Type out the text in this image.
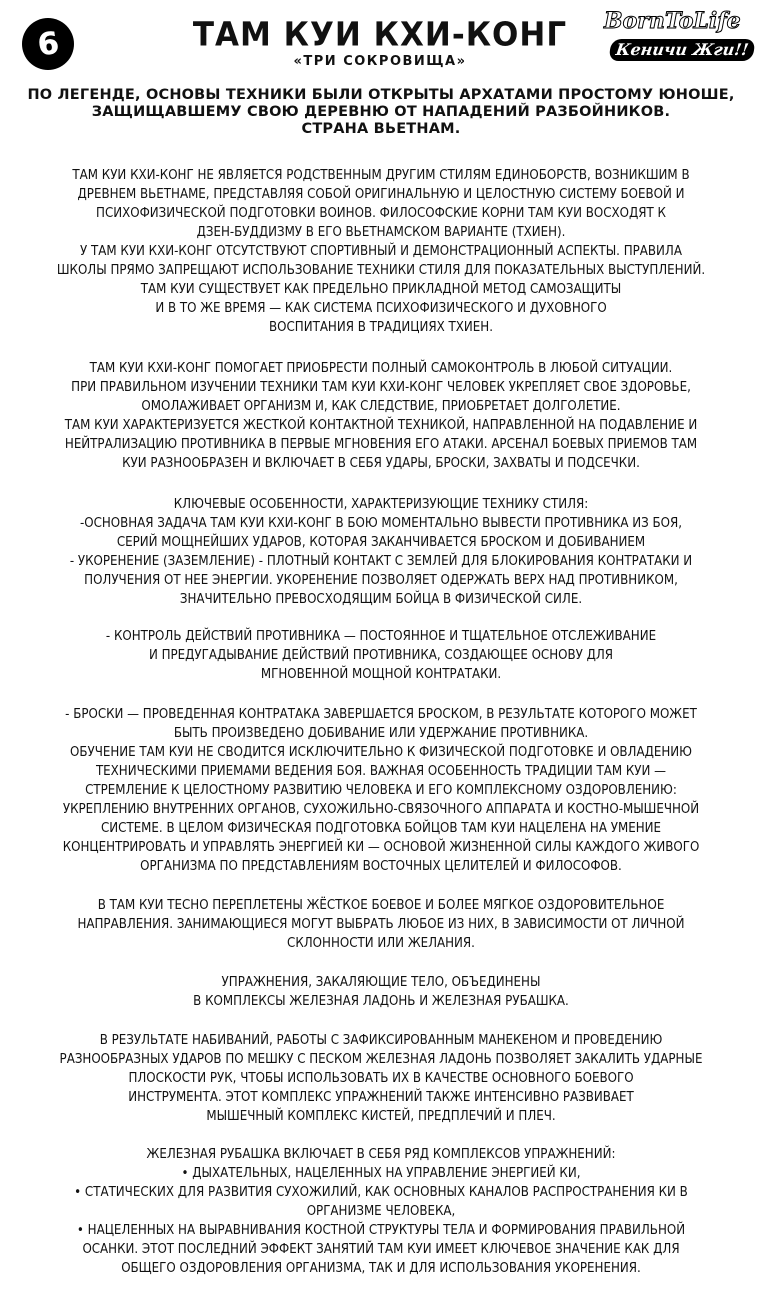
6	ТАМ КУИ КХИ-КОНГ
«ТРИ СОКРОВИЩА»
BornToLife
Кеничи Жги!!
ПО ЛЕГЕНДЕ, ОСНОВЫ ТЕХНИКИ БЫЛИ ОТКРЫТЫ АРХАТАМИ ПРОСТОМУ ЮНОШЕ,
ЗАЩИЩАВШЕМУ СВОЮ ДЕРЕВНЮ ОТ НАПАДЕНИЙ РАЗБОЙНИКОВ.
СТРАНА ВЬЕТНАМ.
ТАМ КУИ КХИ-КОНГ НЕ ЯВЛЯЕТСЯ РОДСТВЕННЫМ ДРУГИМ СТИЛЯМ ЕДИНОБОРСТВ, ВОЗНИКШИМ В
ДРЕВНЕМ ВЬЕТНАМЕ, ПРЕДСТАВЛЯЯ СОБОЙ ОРИГИНАЛЬНУЮ И ЦЕЛОСТНУЮ СИСТЕМУ БОЕВОЙ И
ПСИХОФИЗИЧЕСКОЙ ПОДГОТОВКИ ВОИНОВ. ФИЛОСОФСКИЕ КОРНИ ТАМ КУИ ВОСХОДЯТ К
ДЗЕН-БУДДИЗМУ В ЕГО ВЬЕТНАМСКОМ ВАРИАНТЕ (ТХИЕН).
У ТАМ КУИ КХИ-КОНГ ОТСУТСТВУЮТ СПОРТИВНЫЙ И ДЕМОНСТРАЦИОННЫЙ АСПЕКТЫ. ПРАВИЛА
ШКОЛЫ ПРЯМО ЗАПРЕЩАЮТ ИСПОЛЬЗОВАНИЕ ТЕХНИКИ СТИЛЯ ДЛЯ ПОКАЗАТЕЛЬНЫХ ВЫСТУПЛЕНИЙ.
ТАМ КУИ СУЩЕСТВУЕТ КАК ПРЕДЕЛЬНО ПРИКЛАДНОЙ МЕТОД САМОЗАЩИТЫ
И В ТО ЖЕ ВРЕМЯ — КАК СИСТЕМА ПСИХОФИЗИЧЕСКОГО И ДУХОВНОГО
ВОСПИТАНИЯ В ТРАДИЦИЯХ ТХИЕН.
ТАМ КУИ КХИ-КОНГ ПОМОГАЕТ ПРИОБРЕСТИ ПОЛНЫЙ САМОКОНТРОЛЬ В ЛЮБОЙ СИТУАЦИИ.
ПРИ ПРАВИЛЬНОМ ИЗУЧЕНИИ ТЕХНИКИ ТАМ КУИ КХИ-КОНГ ЧЕЛОВЕК УКРЕПЛЯЕТ СВОЕ ЗДОРОВЬЕ,
ОМОЛАЖИВАЕТ ОРГАНИЗМ И, КАК СЛЕДСТВИЕ, ПРИОБРЕТАЕТ ДОЛГОЛЕТИЕ.
ТАМ КУИ ХАРАКТЕРИЗУЕТСЯ ЖЕСТКОЙ КОНТАКТНОЙ ТЕХНИКОЙ, НАПРАВЛЕННОЙ НА ПОДАВЛЕНИЕ И
НЕЙТРАЛИЗАЦИЮ ПРОТИВНИКА В ПЕРВЫЕ МГНОВЕНИЯ ЕГО АТАКИ. АРСЕНАЛ БОЕВЫХ ПРИЕМОВ ТАМ
КУИ РАЗНООБРАЗЕН И ВКЛЮЧАЕТ В СЕБЯ УДАРЫ, БРОСКИ, ЗАХВАТЫ И ПОДСЕЧКИ.
КЛЮЧЕВЫЕ ОСОБЕННОСТИ, ХАРАКТЕРИЗУЮЩИЕ ТЕХНИКУ СТИЛЯ:
-ОСНОВНАЯ ЗАДАЧА ТАМ КУИ КХИ-КОНГ В БОЮ МОМЕНТАЛЬНО ВЫВЕСТИ ПРОТИВНИКА ИЗ БОЯ,
СЕРИЙ МОЩНЕЙШИХ УДАРОВ, КОТОРАЯ ЗАКАНЧИВАЕТСЯ БРОСКОМ И ДОБИВАНИЕМ
- УКОРЕНЕНИЕ (ЗАЗЕМЛЕНИЕ) - ПЛОТНЫЙ КОНТАКТ С ЗЕМЛЕЙ ДЛЯ БЛОКИРОВАНИЯ КОНТРАТАКИ И
ПОЛУЧЕНИЯ ОТ НЕЕ ЭНЕРГИИ. УКОРЕНЕНИЕ ПОЗВОЛЯЕТ ОДЕРЖАТЬ ВЕРХ НАД ПРОТИВНИКОМ,
ЗНАЧИТЕЛЬНО ПРЕВОСХОДЯЩИМ БОЙЦА В ФИЗИЧЕСКОЙ СИЛЕ.
- КОНТРОЛЬ ДЕЙСТВИЙ ПРОТИВНИКА — ПОСТОЯННОЕ И ТЩАТЕЛЬНОЕ ОТСЛЕЖИВАНИЕ
И ПРЕДУГАДЫВАНИЕ ДЕЙСТВИЙ ПРОТИВНИКА, СОЗДАЮЩЕЕ ОСНОВУ ДЛЯ
МГНОВЕННОЙ МОЩНОЙ КОНТРАТАКИ.
- БРОСКИ — ПРОВЕДЕННАЯ КОНТРАТАКА ЗАВЕРШАЕТСЯ БРОСКОМ, В РЕЗУЛЬТАТЕ КОТОРОГО МОЖЕТ
БЫТЬ ПРОИЗВЕДЕНО ДОБИВАНИЕ ИЛИ УДЕРЖАНИЕ ПРОТИВНИКА.
ОБУЧЕНИЕ ТАМ КУИ НЕ СВОДИТСЯ ИСКЛЮЧИТЕЛЬНО К ФИЗИЧЕСКОЙ ПОДГОТОВКЕ И ОВЛАДЕНИЮ
ТЕХНИЧЕСКИМИ ПРИЕМАМИ ВЕДЕНИЯ БОЯ. ВАЖНАЯ ОСОБЕННОСТЬ ТРАДИЦИИ ТАМ КУИ —
СТРЕМЛЕНИЕ К ЦЕЛОСТНОМУ РАЗВИТИЮ ЧЕЛОВЕКА И ЕГО КОМПЛЕКСНОМУ ОЗДОРОВЛЕНИЮ:
УКРЕПЛЕНИЮ ВНУТРЕННИХ ОРГАНОВ, СУХОЖИЛЬНО-СВЯЗОЧНОГО АППАРАТА И КОСТНО-МЫШЕЧНОЙ
СИСТЕМЕ. В ЦЕЛОМ ФИЗИЧЕСКАЯ ПОДГОТОВКА БОЙЦОВ ТАМ КУИ НАЦЕЛЕНА НА УМЕНИЕ
КОНЦЕНТРИРОВАТЬ И УПРАВЛЯТЬ ЭНЕРГИЕЙ КИ — ОСНОВОЙ ЖИЗНЕННОЙ СИЛЫ КАЖДОГО ЖИВОГО
ОРГАНИЗМА ПО ПРЕДСТАВЛЕНИЯМ ВОСТОЧНЫХ ЦЕЛИТЕЛЕЙ И ФИЛОСОФОВ.
В ТАМ КУИ ТЕСНО ПЕРЕПЛЕТЕНЫ ЖЁСТКОЕ БОЕВОЕ И БОЛЕЕ МЯГКОЕ ОЗДОРОВИТЕЛЬНОЕ
НАПРАВЛЕНИЯ. ЗАНИМАЮЩИЕСЯ МОГУТ ВЫБРАТЬ ЛЮБОЕ ИЗ НИХ, В ЗАВИСИМОСТИ ОТ ЛИЧНОЙ
СКЛОННОСТИ ИЛИ ЖЕЛАНИЯ.
УПРАЖНЕНИЯ, ЗАКАЛЯЮЩИЕ ТЕЛО, ОБЪЕДИНЕНЫ
В КОМПЛЕКСЫ ЖЕЛЕЗНАЯ ЛАДОНЬ И ЖЕЛЕЗНАЯ РУБАШКА.
В РЕЗУЛЬТАТЕ НАБИВАНИЙ, РАБОТЫ С ЗАФИКСИРОВАННЫМ МАНЕКЕНОМ И ПРОВЕДЕНИЮ
РАЗНООБРАЗНЫХ УДАРОВ ПО МЕШКУ С ПЕСКОМ ЖЕЛЕЗНАЯ ЛАДОНЬ ПОЗВОЛЯЕТ ЗАКАЛИТЬ УДАРНЫЕ
ПЛОСКОСТИ РУК, ЧТОБЫ ИСПОЛЬЗОВАТЬ ИХ В КАЧЕСТВЕ ОСНОВНОГО БОЕВОГО
ИНСТРУМЕНТА. ЭТОТ КОМПЛЕКС УПРАЖНЕНИЙ ТАКЖЕ ИНТЕНСИВНО РАЗВИВАЕТ
МЫШЕЧНЫЙ КОМПЛЕКС КИСТЕЙ, ПРЕДПЛЕЧИЙ И ПЛЕЧ.
ЖЕЛЕЗНАЯ РУБАШКА ВКЛЮЧАЕТ В СЕБЯ РЯД КОМПЛЕКСОВ УПРАЖНЕНИЙ:
• ДЫХАТЕЛЬНЫХ, НАЦЕЛЕННЫХ НА УПРАВЛЕНИЕ ЭНЕРГИЕЙ КИ,
• СТАТИЧЕСКИХ ДЛЯ РАЗВИТИЯ СУХОЖИЛИЙ, КАК ОСНОВНЫХ КАНАЛОВ РАСПРОСТРАНЕНИЯ КИ В
ОРГАНИЗМЕ ЧЕЛОВЕКА,
• НАЦЕЛЕННЫХ НА ВЫРАВНИВАНИЯ КОСТНОЙ СТРУКТУРЫ ТЕЛА И ФОРМИРОВАНИЯ ПРАВИЛЬНОЙ
ОСАНКИ. ЭТОТ ПОСЛЕДНИЙ ЭФФЕКТ ЗАНЯТИЙ ТАМ КУИ ИМЕЕТ КЛЮЧЕВОЕ ЗНАЧЕНИЕ КАК ДЛЯ
ОБЩЕГО ОЗДОРОВЛЕНИЯ ОРГАНИЗМА, ТАК И ДЛЯ ИСПОЛЬЗОВАНИЯ УКОРЕНЕНИЯ.
